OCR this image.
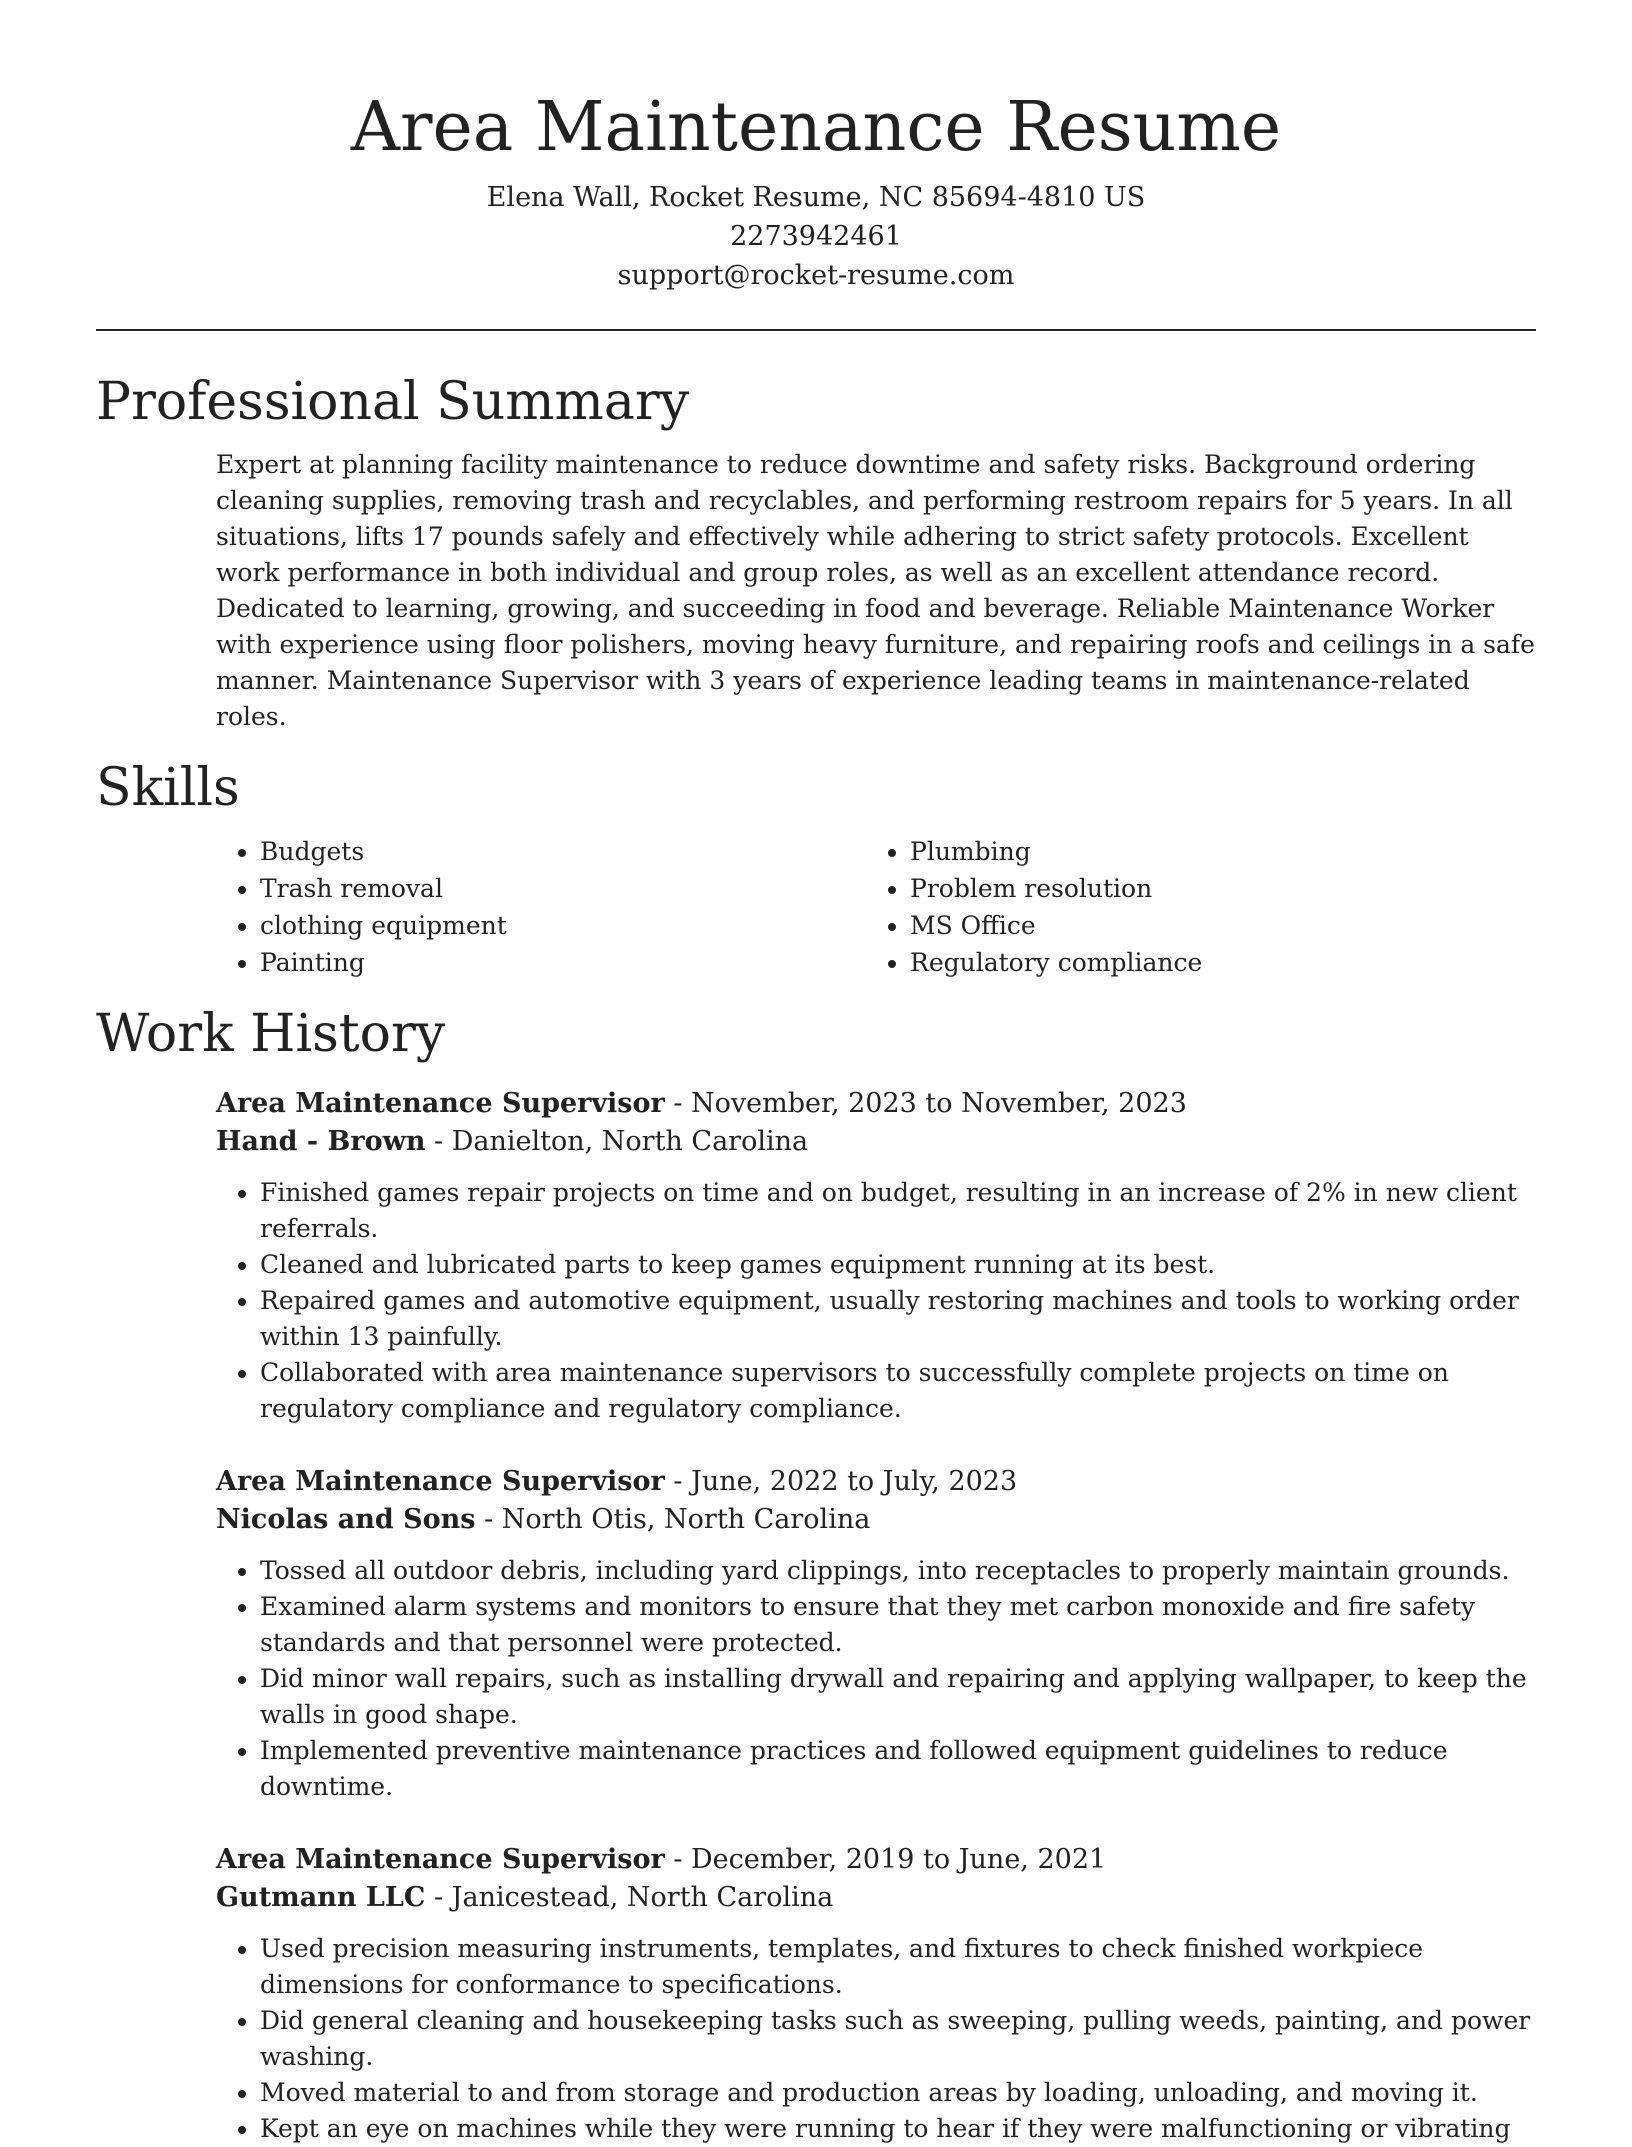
Area Maintenance Resume
Elena Wall, Rocket Resume, NC 85694-4810 US
2273942461
support@rocket-resume.com
Professional Summary
Expert at planning facility maintenance to reduce downtime and safety risks. Background ordering cleaning supplies, removing trash and recyclables, and performing restroom repairs for 5 years. In all situations, lifts 17 pounds safely and effectively while adhering to strict safety protocols. Excellent work performance in both individual and group roles, as well as an excellent attendance record. Dedicated to learning, growing, and succeeding in food and beverage. Reliable Maintenance Worker with experience using floor polishers, moving heavy furniture, and repairing roofs and ceilings in a safe manner. Maintenance Supervisor with 3 years of experience leading teams in maintenance-related roles.
Skills
• Budgets
• Trash removal
• clothing equipment
• Painting
• Plumbing
• Problem resolution
• MS Office
• Regulatory compliance
Work History
Area Maintenance Supervisor - November, 2023 to November, 2023
Hand - Brown - Danielton, North Carolina
• Finished games repair projects on time and on budget, resulting in an increase of 2% in new client referrals.
• Cleaned and lubricated parts to keep games equipment running at its best.
• Repaired games and automotive equipment, usually restoring machines and tools to working order within 13 painfully.
• Collaborated with area maintenance supervisors to successfully complete projects on time on regulatory compliance and regulatory compliance.
Area Maintenance Supervisor - June, 2022 to July, 2023
Nicolas and Sons - North Otis, North Carolina
• Tossed all outdoor debris, including yard clippings, into receptacles to properly maintain grounds.
• Examined alarm systems and monitors to ensure that they met carbon monoxide and fire safety standards and that personnel were protected.
• Did minor wall repairs, such as installing drywall and repairing and applying wallpaper, to keep the walls in good shape.
• Implemented preventive maintenance practices and followed equipment guidelines to reduce downtime.
Area Maintenance Supervisor - December, 2019 to June, 2021
Gutmann LLC - Janicestead, North Carolina
• Used precision measuring instruments, templates, and fixtures to check finished workpiece dimensions for conformance to specifications.
• Did general cleaning and housekeeping tasks such as sweeping, pulling weeds, painting, and power washing.
• Moved material to and from storage and production areas by loading, unloading, and moving it.
• Kept an eye on machines while they were running to hear if they were malfunctioning or vibrating
